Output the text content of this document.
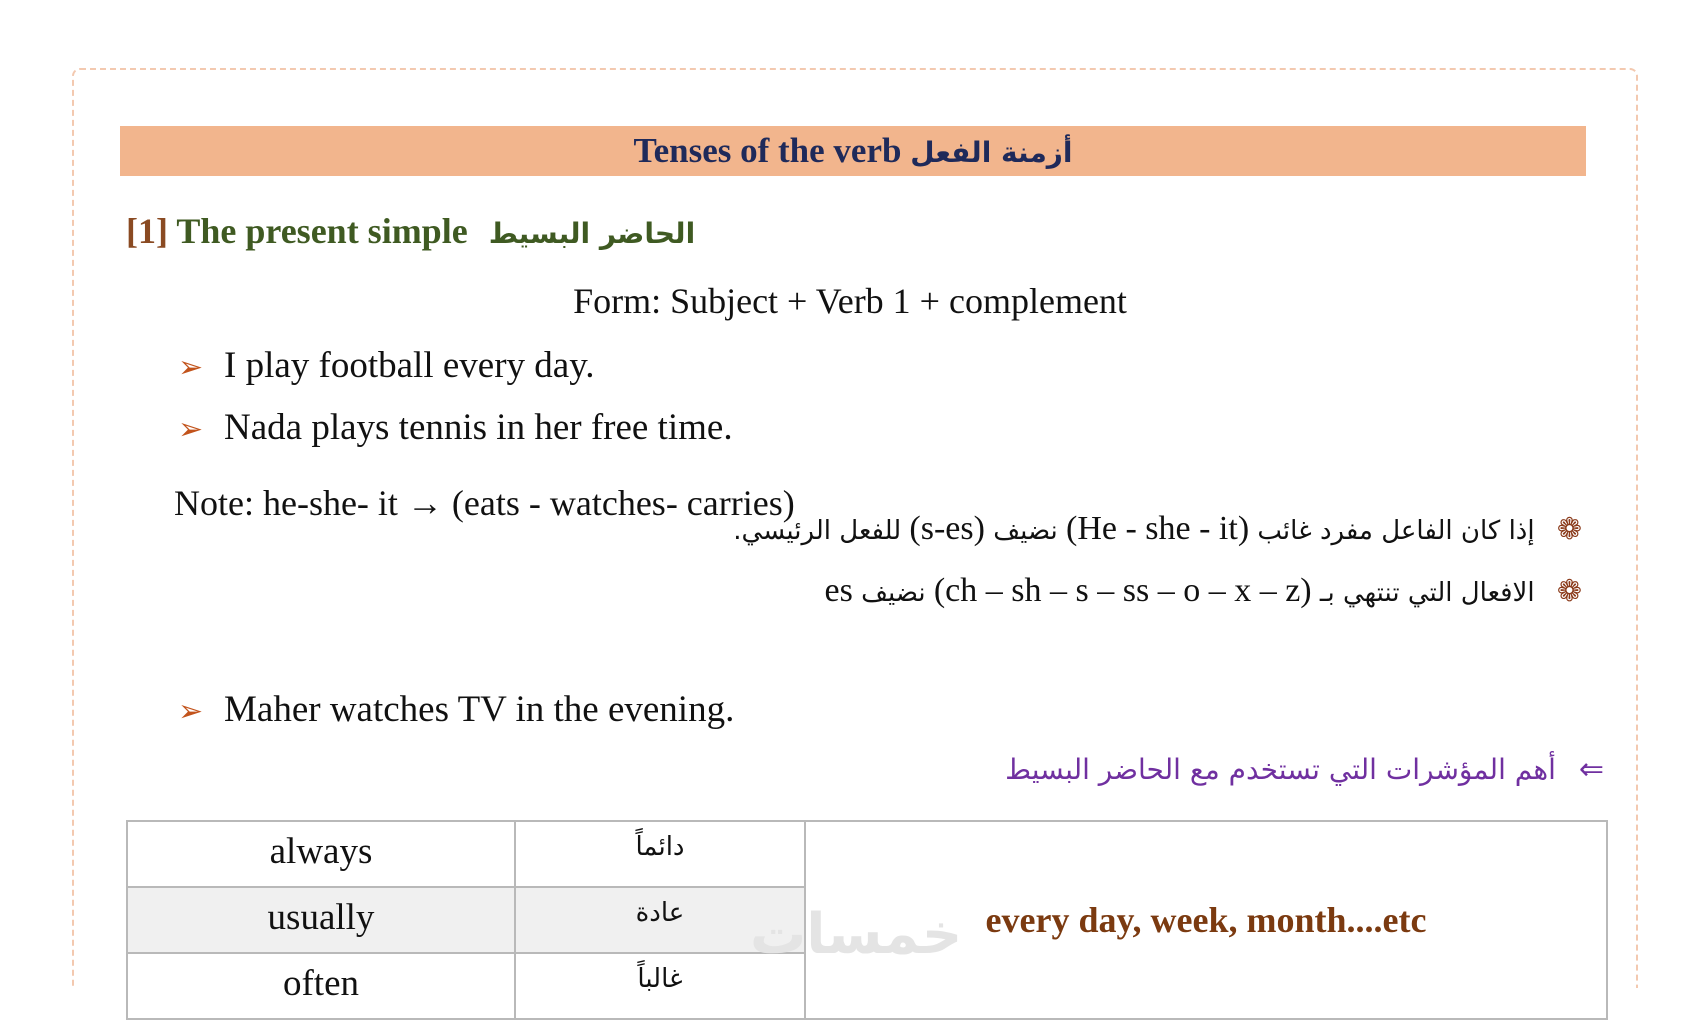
Tenses of the verb أزمنة الفعل
[1] The present simple الحاضر البسيط
Form: Subject + Verb 1 + complement
➢ I play football every day.
➢ Nada plays tennis in her free time.
Note: he-she- it → (eats - watches- carries)
❁ إذا كان الفاعل مفرد غائب (He - she - it) نضيف (s-es) للفعل الرئيسي.
❁ الافعال التي تنتهي بـ (ch – sh – s – ss – o – x – z) نضيف es
➢ Maher watches TV in the evening.
⇐ أهم المؤشرات التي تستخدم مع الحاضر البسيط
always	دائماً	every day, week, month....etc
usually	عادة	
often	غالباً	
خمسات
